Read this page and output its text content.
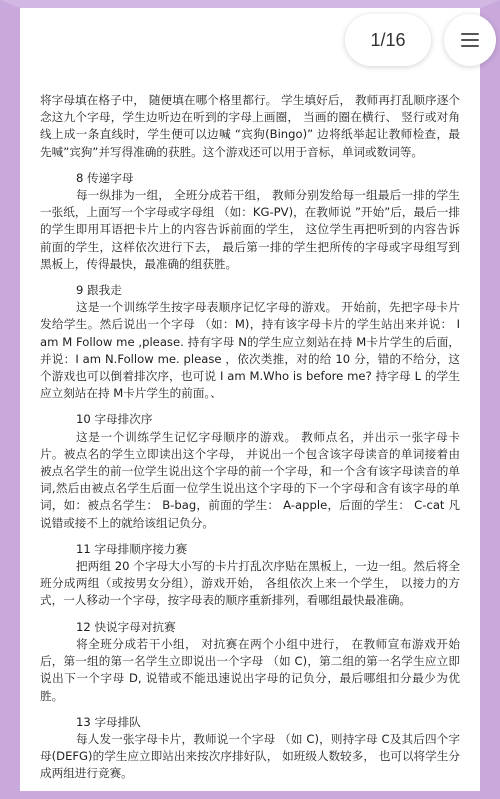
将字母填在格子中， 随便填在哪个格里都行。 学生填好后， 教师再打乱顺序逐个念这九个字母，学生边听边在听到的字母上画圈， 当画的圈在横行、 竖行或对角线上成一条直线时，学生便可以边喊 “宾狗(Bingo)” 边将纸举起让教师检查，最先喊”宾狗”并写得准确的获胜。这个游戏还可以用于音标，单词或数词等。

8 传递字母

每一纵排为一组， 全班分成若干组， 教师分别发给每一组最后一排的学生一张纸，上面写一个字母或字母组 （如：KG-PV)，在教师说 ”开始”后，最后一排的学生即用耳语把卡片上的内容告诉前面的学生， 这位学生再把听到的内容告诉前面的学生，这样依次进行下去， 最后第一排的学生把所传的字母或字母组写到黑板上，传得最快，最准确的组获胜。

9 跟我走

这是一个训练学生按字母表顺序记忆字母的游戏。 开始前，先把字母卡片发给学生。然后说出一个字母 （如：M)，持有该字母卡片的学生站出来并说： I am M Follow me ,please. 持有字母 N的学生应立刻站在持 M卡片学生的后面，并说：I am N.Follow me. please ，依次类推，对的给 10 分，错的不给分，这个游戏也可以倒着排次序，也可说 I am M.Who is before me? 持字母 L 的学生应立刻站在持 M卡片学生的前面。、

10 字母排次序

这是一个训练学生记忆字母顺序的游戏。 教师点名，并出示一张字母卡片。被点名的学生立即读出这个字母， 并说出一个包含该字母读音的单词接着由被点名学生的前一位学生说出这个字母的前一个字母，和一个含有该字母读音的单词,然后由被点名学生后面一位学生说出这个字母的下一个字母和含有该字母的单词，如：被点名学生： B-bag，前面的学生： A-apple，后面的学生： C-cat 凡说错或接不上的就给该组记负分。

11 字母排顺序接力赛

把两组 20 个字母大小写的卡片打乱次序贴在黑板上，一边一组。然后将全班分成两组（或按男女分组），游戏开始， 各组依次上来一个学生， 以接力的方式，一人移动一个字母，按字母表的顺序重新排列，看哪组最快最准确。

12 快说字母对抗赛

将全班分成若干小组， 对抗赛在两个小组中进行， 在教师宣布游戏开始后，第一组的第一名学生立即说出一个字母 （如 C)，第二组的第一名学生应立即说出下一个字母 D, 说错或不能迅速说出字母的记负分，最后哪组扣分最少为优胜。

13 字母排队

每人发一张字母卡片，教师说一个字母 （如 C)，则持字母 C及其后四个字母(DEFG)的学生应立即站出来按次序排好队， 如班级人数较多， 也可以将学生分成两组进行竞赛。

1/16
